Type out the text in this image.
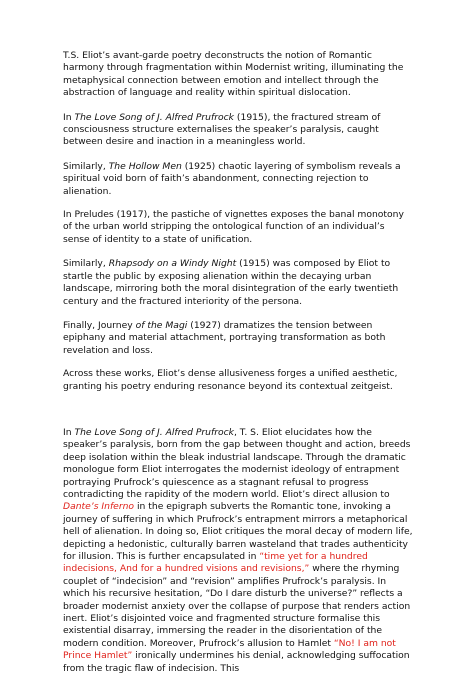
T.S. Eliot’s avant-garde poetry deconstructs the notion of Romantic harmony through fragmentation within Modernist writing, illuminating the metaphysical connection between emotion and intellect through the abstraction of language and reality within spiritual dislocation.

In The Love Song of J. Alfred Prufrock (1915), the fractured stream of consciousness structure externalises the speaker’s paralysis, caught between desire and inaction in a meaningless world.

Similarly, The Hollow Men (1925) chaotic layering of symbolism reveals a spiritual void born of faith’s abandonment, connecting rejection to alienation.

In Preludes (1917), the pastiche of vignettes exposes the banal monotony of the urban world stripping the ontological function of an individual’s sense of identity to a state of unification.

Similarly, Rhapsody on a Windy Night (1915) was composed by Eliot to startle the public by exposing alienation within the decaying urban landscape, mirroring both the moral disintegration of the early twentieth century and the fractured interiority of the persona.

Finally, Journey of the Magi (1927) dramatizes the tension between epiphany and material attachment, portraying transformation as both revelation and loss.

Across these works, Eliot’s dense allusiveness forges a unified aesthetic, granting his poetry enduring resonance beyond its contextual zeitgeist.

In The Love Song of J. Alfred Prufrock, T. S. Eliot elucidates how the speaker’s paralysis, born from the gap between thought and action, breeds deep isolation within the bleak industrial landscape. Through the dramatic monologue form Eliot interrogates the modernist ideology of entrapment portraying Prufrock’s quiescence as a stagnant refusal to progress contradicting the rapidity of the modern world. Eliot’s direct allusion to Dante’s Inferno in the epigraph subverts the Romantic tone, invoking a journey of suffering in which Prufrock’s entrapment mirrors a metaphorical hell of alienation. In doing so, Eliot critiques the moral decay of modern life, depicting a hedonistic, culturally barren wasteland that trades authenticity for illusion. This is further encapsulated in “time yet for a hundred indecisions, And for a hundred visions and revisions,” where the rhyming couplet of “indecision” and “revision” amplifies Prufrock’s paralysis. In which his recursive hesitation, “Do I dare disturb the universe?” reflects a broader modernist anxiety over the collapse of purpose that renders action inert. Eliot’s disjointed voice and fragmented structure formalise this existential disarray, immersing the reader in the disorientation of the modern condition. Moreover, Prufrock’s allusion to Hamlet “No! I am not Prince Hamlet” ironically undermines his denial, acknowledging suffocation from the tragic flaw of indecision. This
